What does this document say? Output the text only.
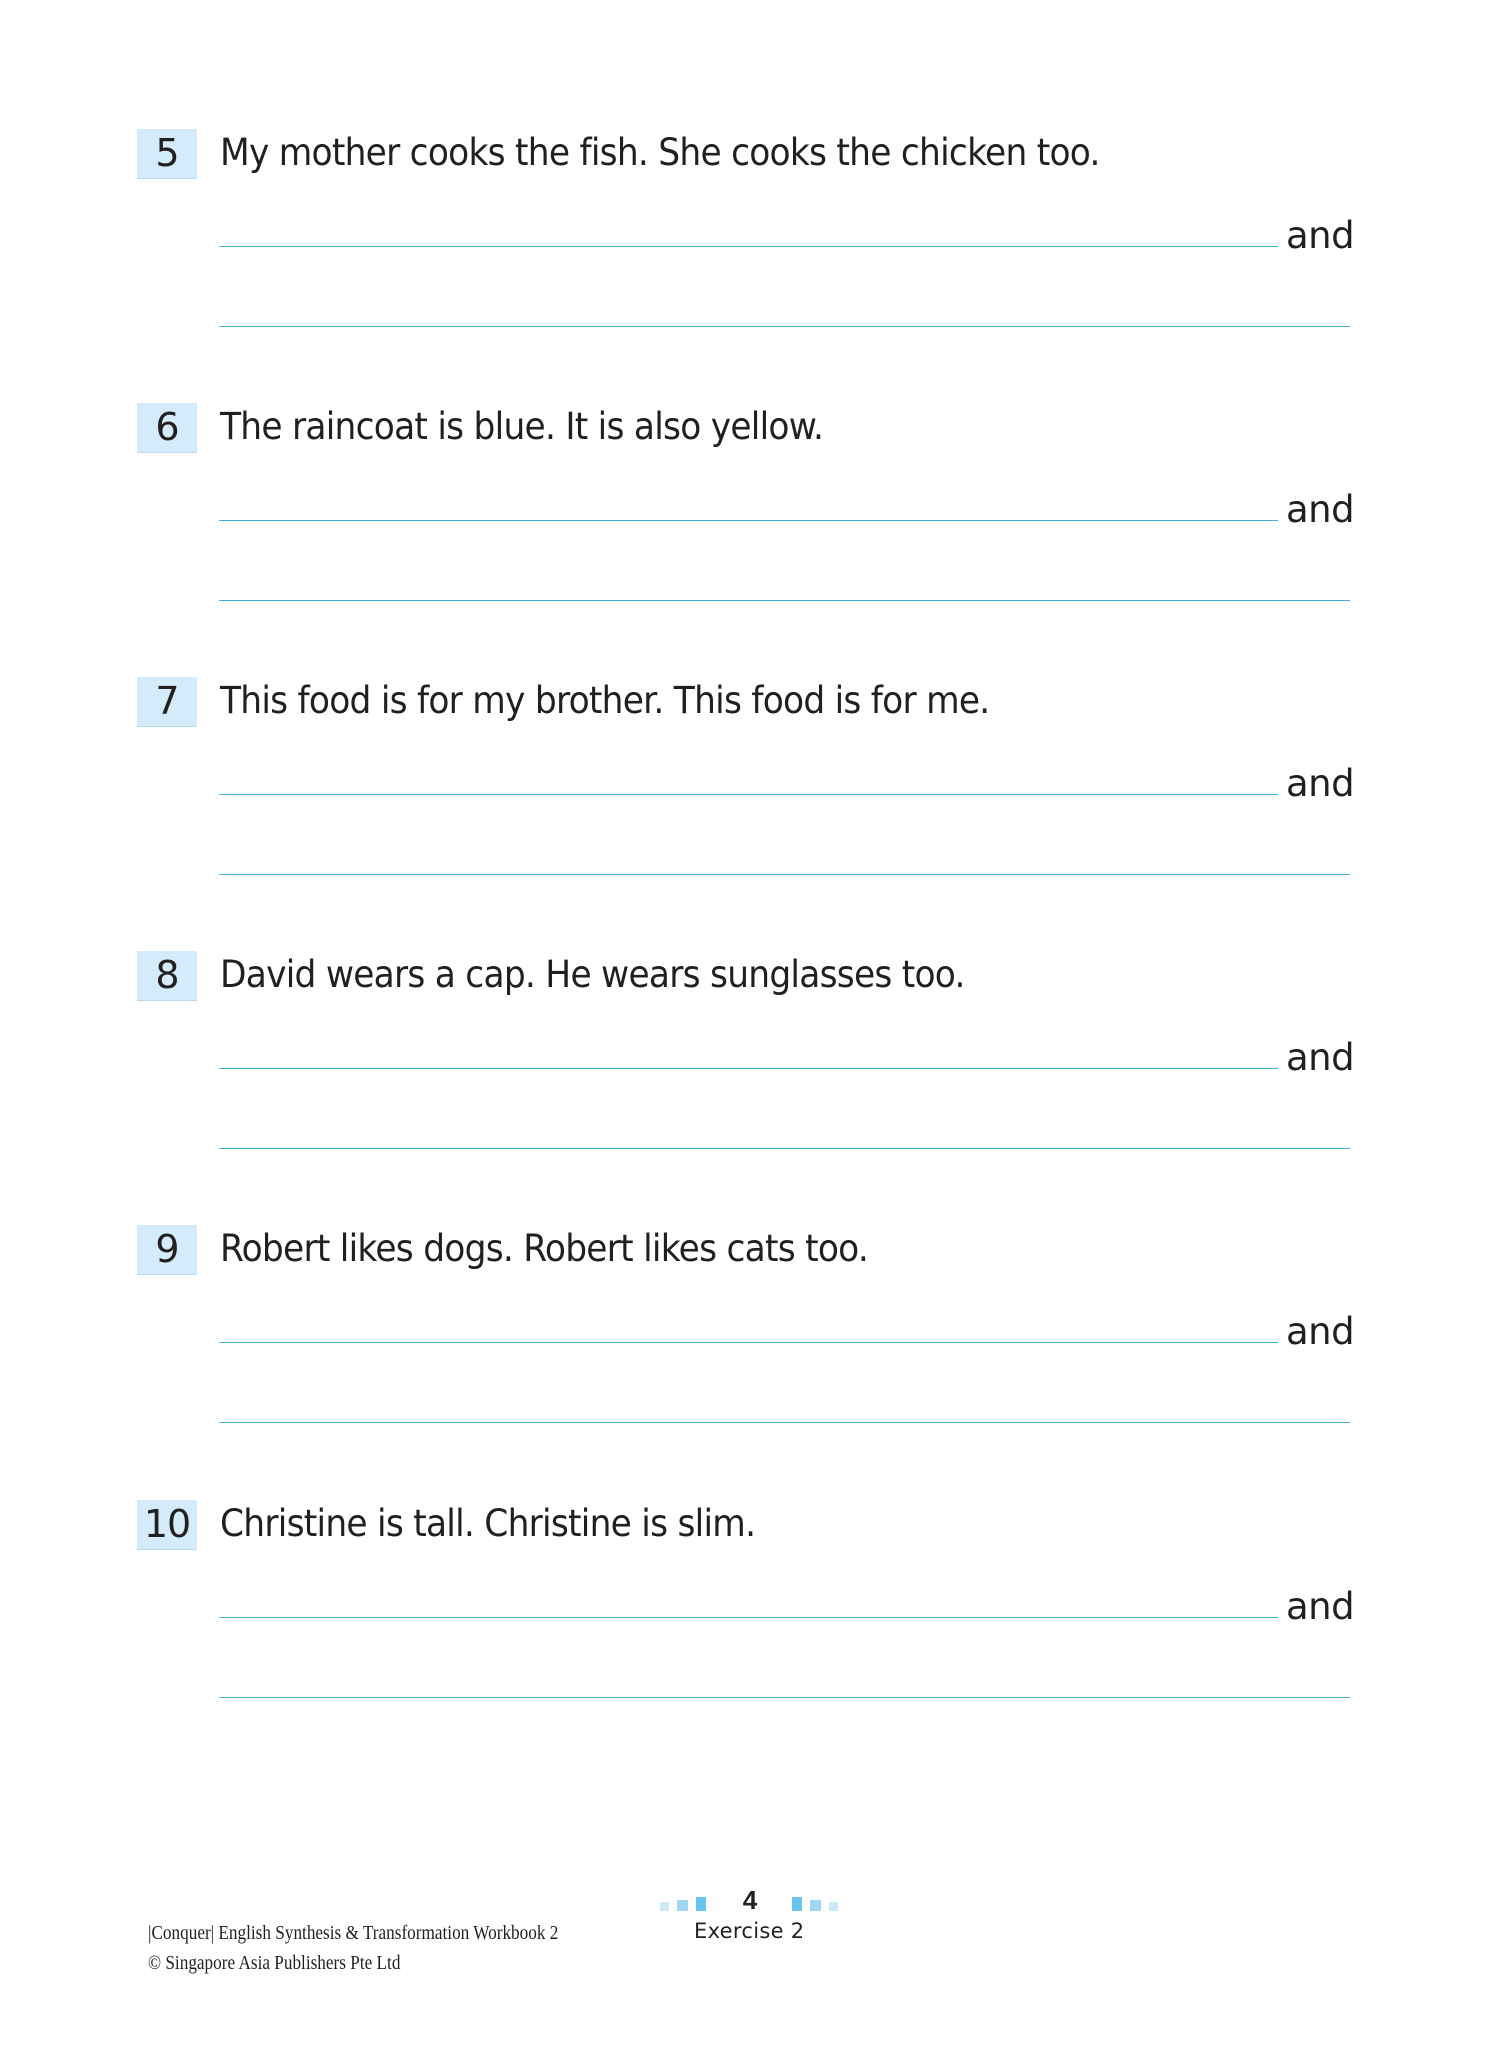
5	My mother cooks the fish. She cooks the chicken too.
and
6	The raincoat is blue. It is also yellow.
and
7	This food is for my brother. This food is for me.
and
8	David wears a cap. He wears sunglasses too.
and
9	Robert likes dogs. Robert likes cats too.
and
10 Christine is tall. Christine is slim.
and
|Conquer| English Synthesis & Transformation Workbook 2
© Singapore Asia Publishers Pte Ltd
4
Exercise 2
